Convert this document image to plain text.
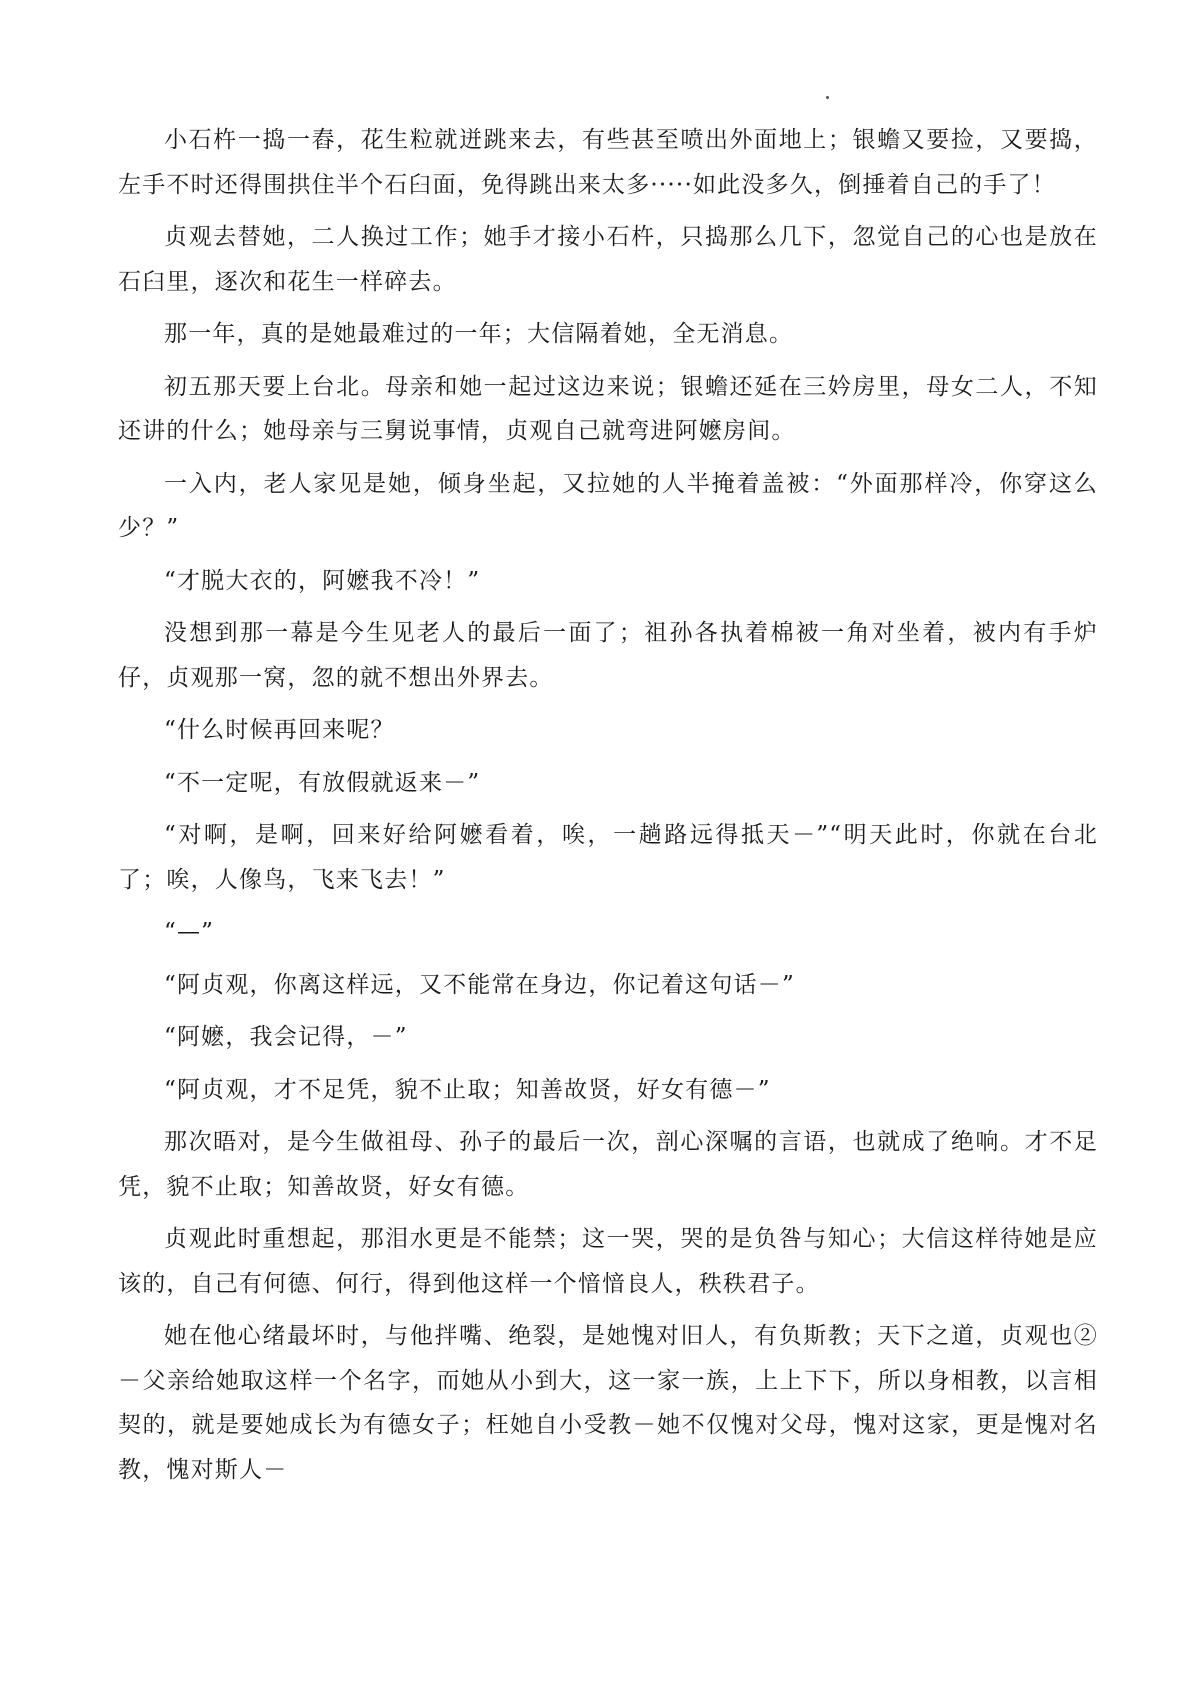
小石杵一捣一舂，花生粒就迸跳来去，有些甚至喷出外面地上；银蟾又要捡，又要捣，左手不时还得围拱住半个石臼面，免得跳出来太多·····如此没多久，倒捶着自己的手了！

贞观去替她，二人换过工作；她手才接小石杵，只捣那么几下，忽觉自己的心也是放在石臼里，逐次和花生一样碎去。

那一年，真的是她最难过的一年；大信隔着她，全无消息。

初五那天要上台北。母亲和她一起过这边来说；银蟾还延在三妗房里，母女二人，不知还讲的什么；她母亲与三舅说事情，贞观自己就弯进阿嬷房间。

一入内，老人家见是她，倾身坐起，又拉她的人半掩着盖被：“外面那样冷，你穿这么少？”

“才脱大衣的，阿嬷我不冷！”

没想到那一幕是今生见老人的最后一面了；祖孙各执着棉被一角对坐着，被内有手炉仔，贞观那一窝，忽的就不想出外界去。

“什么时候再回来呢？

“不一定呢，有放假就返来－”

“对啊，是啊，回来好给阿嬷看着，唉，一趟路远得抵天－”“明天此时，你就在台北了；唉，人像鸟，飞来飞去！”

“—”

“阿贞观，你离这样远，又不能常在身边，你记着这句话－”

“阿嬷，我会记得，－”

“阿贞观，才不足凭，貌不止取；知善故贤，好女有德－”

那次晤对，是今生做祖母、孙子的最后一次，剖心深嘱的言语，也就成了绝响。才不足凭，貌不止取；知善故贤，好女有德。

贞观此时重想起，那泪水更是不能禁；这一哭，哭的是负咎与知心；大信这样待她是应该的，自己有何德、何行，得到他这样一个愔愔良人，秩秩君子。

她在他心绪最坏时，与他拌嘴、绝裂，是她愧对旧人，有负斯教；天下之道，贞观也②－父亲给她取这样一个名字，而她从小到大，这一家一族，上上下下，所以身相教，以言相契的，就是要她成长为有德女子；枉她自小受教－她不仅愧对父母，愧对这家，更是愧对名教，愧对斯人－
